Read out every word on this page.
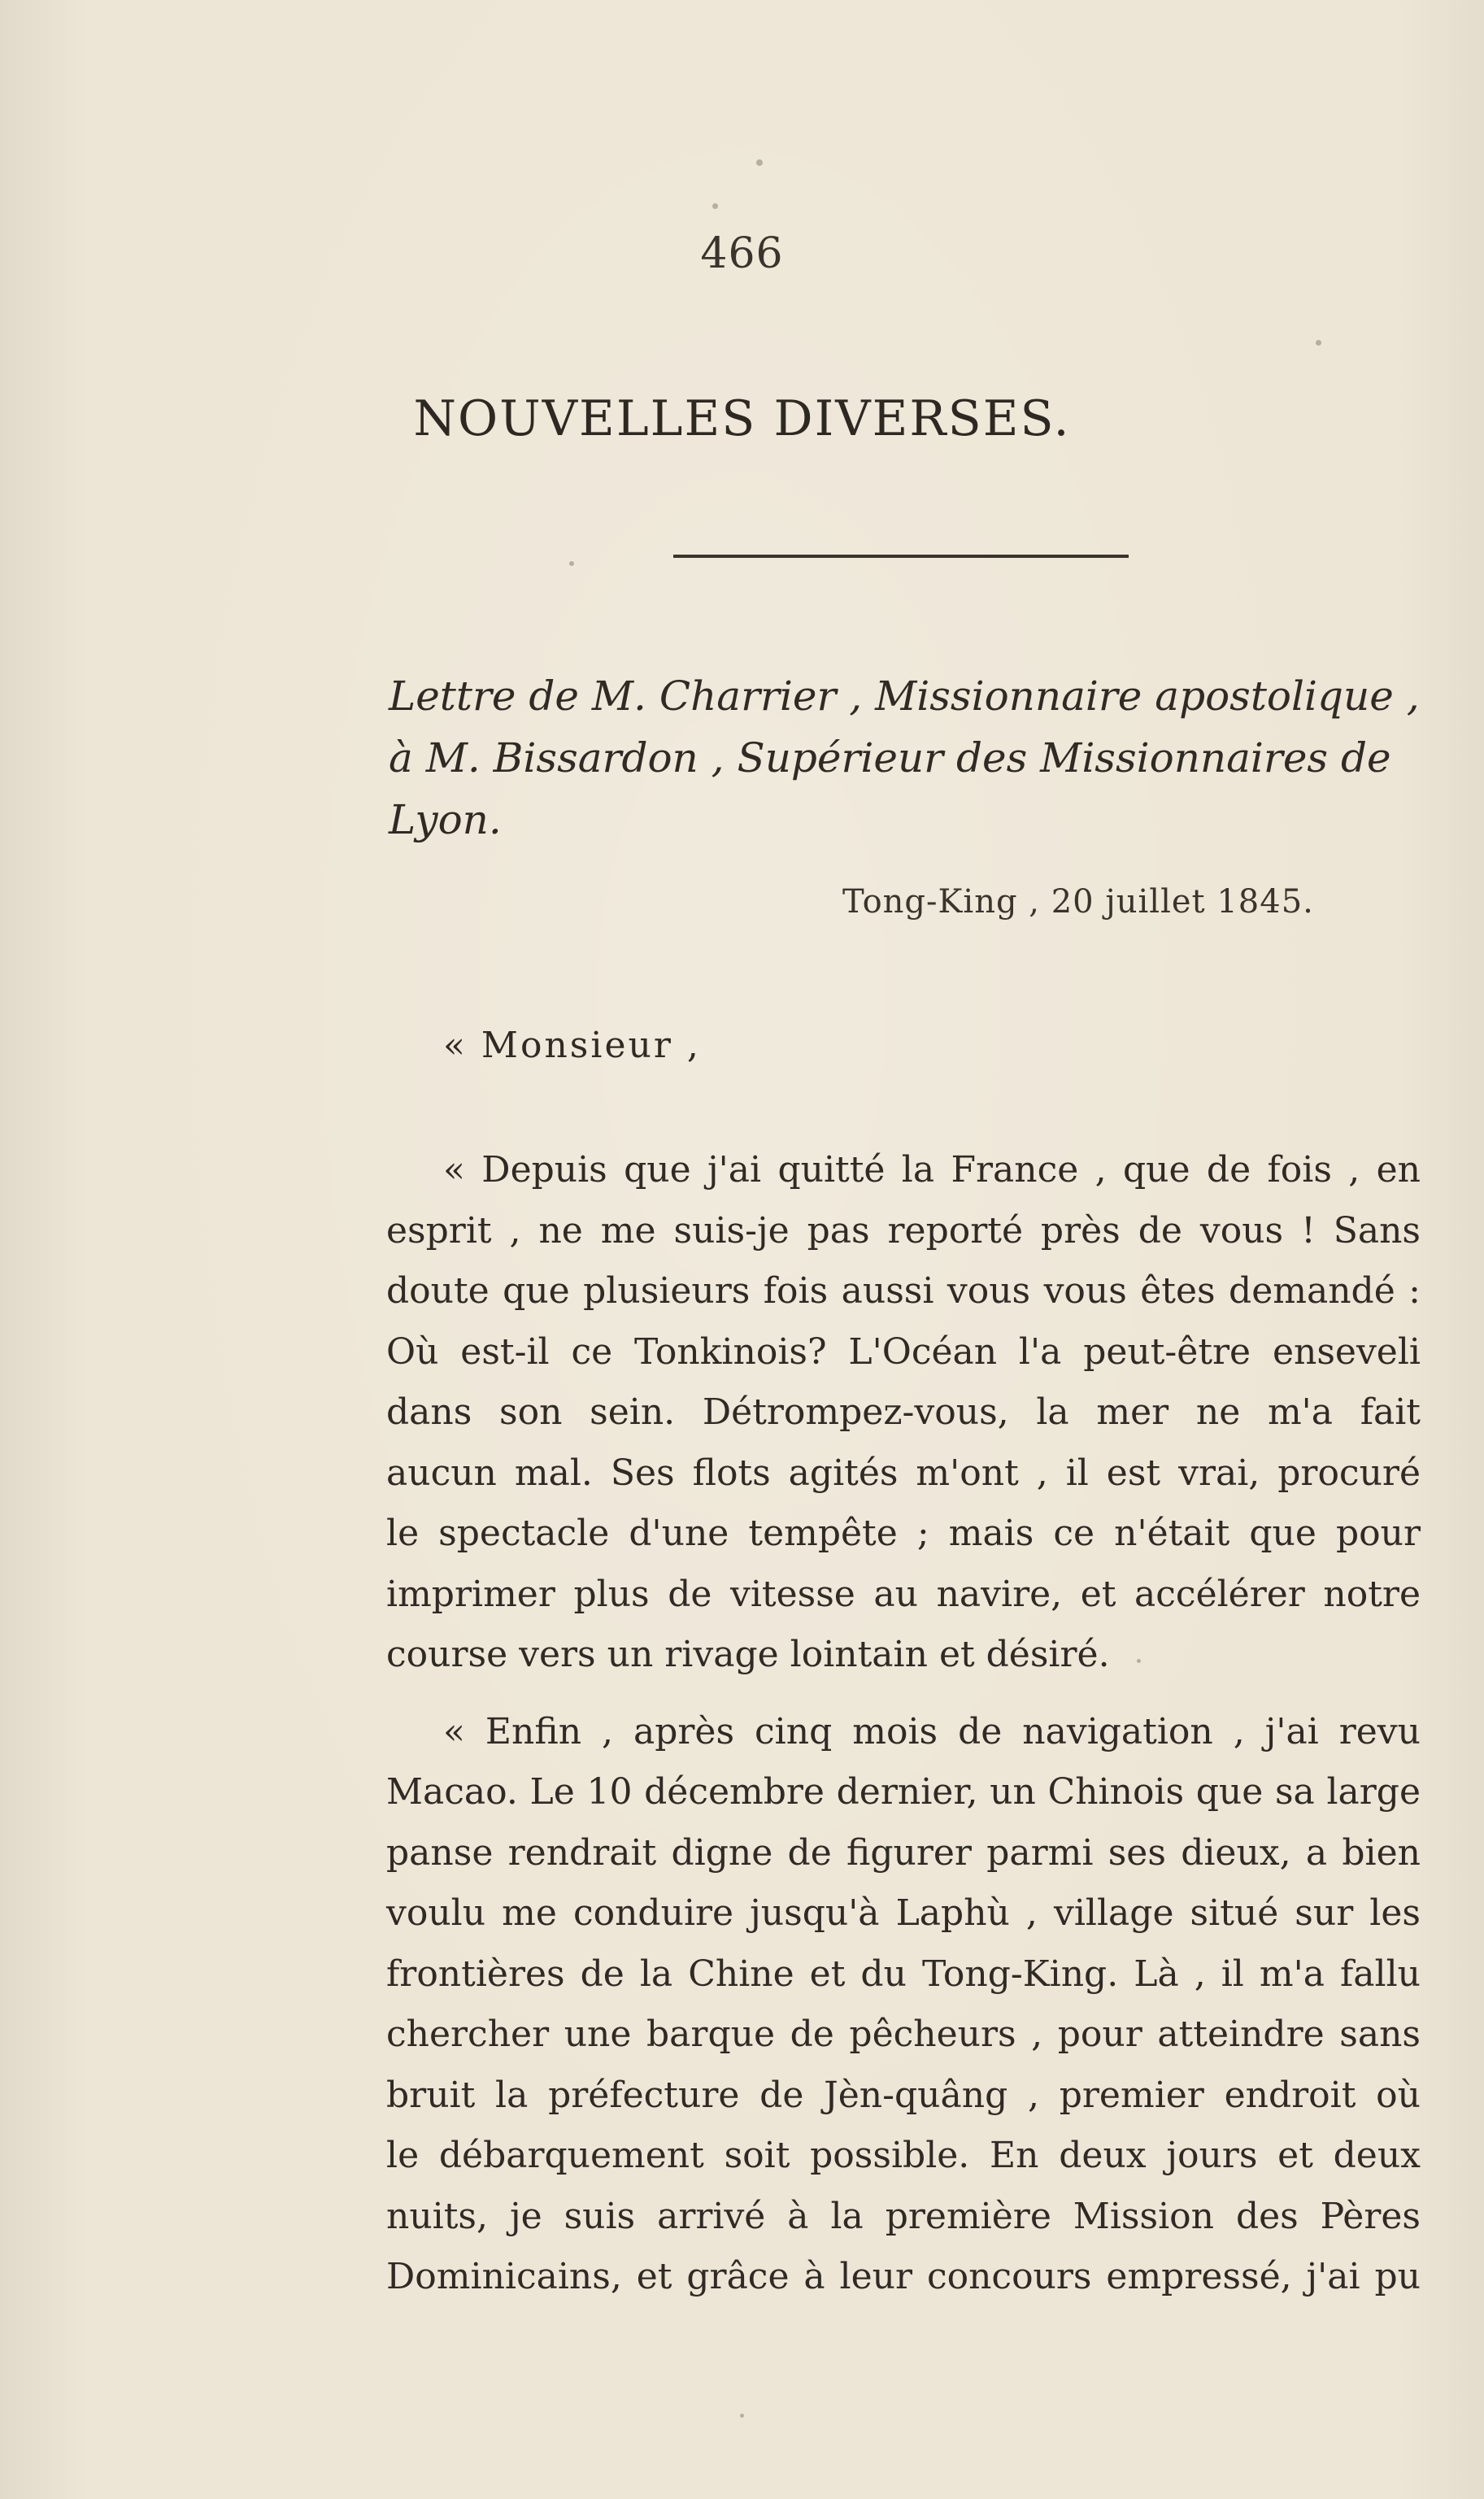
466
NOUVELLES DIVERSES.
Lettre de M. Charrier , Missionnaire apostolique ,
à M. Bissardon , Supérieur des Missionnaires de Lyon.
Tong-King , 20 juillet 1845.
« Monsieur ,
« Depuis que j'ai quitté la France , que de fois , en
esprit , ne me suis-je pas reporté près de vous ! Sans
doute que plusieurs fois aussi vous vous êtes demandé :
Où est-il ce Tonkinois? L'Océan l'a peut-être enseveli
dans son sein. Détrompez-vous, la mer ne m'a fait
aucun mal. Ses flots agités m'ont , il est vrai, procuré
le spectacle d'une tempête ; mais ce n'était que pour
imprimer plus de vitesse au navire, et accélérer notre
course vers un rivage lointain et désiré.
« Enfin , après cinq mois de navigation , j'ai revu
Macao. Le 10 décembre dernier, un Chinois que sa large
panse rendrait digne de figurer parmi ses dieux, a bien
voulu me conduire jusqu'à Laphù , village situé sur les
frontières de la Chine et du Tong-King. Là , il m'a fallu
chercher une barque de pêcheurs , pour atteindre sans
bruit la préfecture de Jèn-quâng , premier endroit où
le débarquement soit possible. En deux jours et deux
nuits, je suis arrivé à la première Mission des Pères
Dominicains, et grâce à leur concours empressé, j'ai pu
